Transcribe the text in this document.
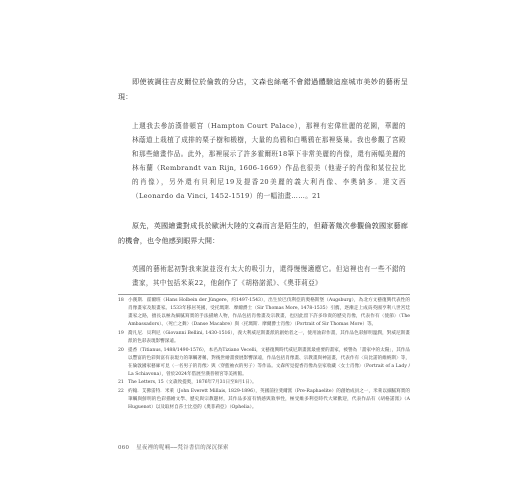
即使被調往吉皮爾位於倫敦的分店，文森也絲毫不會錯過體驗這座城市美妙的藝術呈現：

上週我去參訪漢普頓宮（Hampton Court Palace），那裡有宏偉壯麗的花園，華麗的林蔭道上栽植了成排的栗子樹和椴樹，大量的烏鴉和白嘴鴉在那裡築巢。我也參觀了宮殿和那些繪畫作品。此外，那裡展示了許多霍爾班18筆下非常美麗的肖像，還有兩幅美麗的林布蘭（Rembrandt van Rijn, 1606-1669）作品也很美（他妻子的肖像和某位拉比的肖像），另外還有貝利尼19及提香20美麗的義大利肖像、李奧納多．達文西（Leonardo da Vinci, 1452-1519）的一幅油畫……。21

原先，英國繪畫對成長於歐洲大陸的文森而言是陌生的，但藉著幾次參觀倫敦國家藝廊的機會，也令他感到眼界大開：

英國的藝術起初對我來說並沒有太大的吸引力，還得慢慢適應它。但這裡也有一些不錯的畫家，其中包括米萊22，他創作了《胡格諾派》、《奧菲莉亞》

18 小漢斯．霍爾班（Hans Holbein der Jüngere，約1497-1543），出生於巴伐利亞的奧格斯堡（Augsburg），為北方文藝復興代表性的肖像畫家及版畫家。1533年移居英國，受托瑪斯．摩爾爵士（Sir Thomas More, 1478-1535）引薦，逐漸走上成爲英國亨利八世宮廷畫家之路，擅長以極為細膩寫實的手法描繪人物，作品包括肖像畫及宗教畫，也因此留下許多珍貴的歷史肖像，代表作有〈使節〉（The Ambassadors）、〈死亡之舞〉（Danse Macabre）與〈托瑪斯．摩爾爵士肖像〉（Portrait of Sir Thomas More）等。
19 喬凡尼．貝利尼（Giovanni Bellini, 1430-1516），義大利威尼斯畫派的創始者之一，使用油彩作畫，其作品色彩鮮明溫潤，對威尼斯畫派的色彩表現影響深遠。
20 提香（Titianus, 1488/1490-1576），本名為Tiziano Vecelli，文藝復興時代威尼斯畫派最重要的畫家，被譽為「畫家中的太陽」，其作品以豐富的色彩與富有表現力的筆觸著稱，對後世繪畫發展影響深遠，作品包括肖像畫、宗教畫與神話畫，代表作有〈烏比諾的維納斯〉等，在倫敦國家藝廊可見〈一名男子的肖像〉與〈穿藍袖衣的男子〉等作品。文森所見提香肖像為皇家收藏〈女士肖像〉（Portrait of a Lady / La Schiavona），曾於2024年借展至漢普頓宮等美術館。
21 The Letters, 15（文森致提奧，1876年7月31日至8月1日）。
22 約翰．艾佛雷特．米萊（John Everett Millais, 1829-1896），英國前拉斐爾派（Pre-Raphaelite）的創始成員之一，米萊以細膩寫實的筆觸與鮮明的色彩描繪文學、歷史與宗教題材，其作品多富有情感與敘事性，極受維多利亞時代大眾歡迎，代表作品有《胡格諾派》（A Huguenot）以及取材自莎士比亞的《奧菲莉亞》（Ophelia）。
060 星夜裡的呢喃──梵谷書信的深沉探索
